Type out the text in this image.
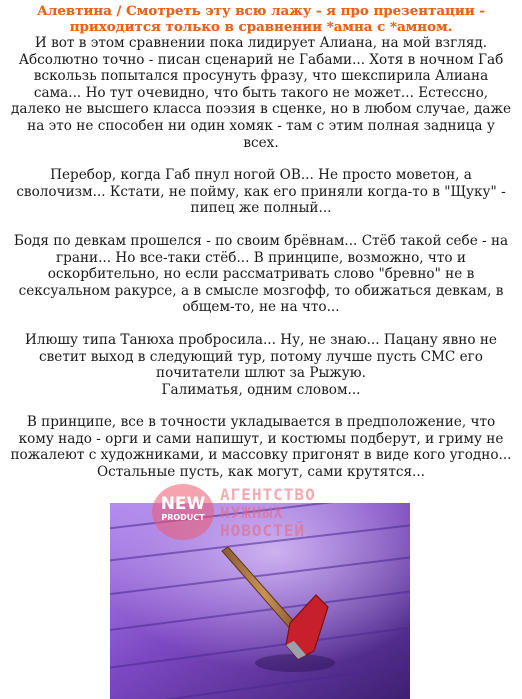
Алевтина / Смотреть эту всю лажу - я про презентации - приходится только в сравнении *амна с *амном.
И вот в этом сравнении пока лидирует Алиана, на мой взгляд. Абсолютно точно - писан сценарий не Габами... Хотя в ночном Габ вскользь попытался просунуть фразу, что шекспирила Алиана сама... Но тут очевидно, что быть такого не может... Естессно, далеко не высшего класса поэзия в сценке, но в любом случае, даже на это не способен ни один хомяк - там с этим полная задница у всех.
Перебор, когда Габ пнул ногой ОВ... Не просто моветон, а сволочизм... Кстати, не пойму, как его приняли когда-то в "Щуку" - пипец же полный...
Бодя по девкам прошелся - по своим брёвнам... Стёб такой себе - на грани... Но все-таки стёб... В принципе, возможно, что и оскорбительно, но если рассматривать слово "бревно" не в сексуальном ракурсе, а в смысле мозгофф, то обижаться девкам, в общем-то, не на что...
Илюшу типа Танюха пробросила... Ну, не знаю... Пацану явно не светит выход в следующий тур, потому лучше пусть СМС его почитатели шлют за Рыжую.
Галиматья, одним словом...
В принципе, все в точности укладывается в предположение, что кому надо - орги и сами напишут, и костюмы подберут, и гриму не пожалеют с художниками, и массовку пригонят в виде кого угодно... Остальные пусть, как могут, сами крутятся...
NEW
PRODUCT
АГЕНТСТВО
НУЖНЫХ
НОВОСТЕЙ
